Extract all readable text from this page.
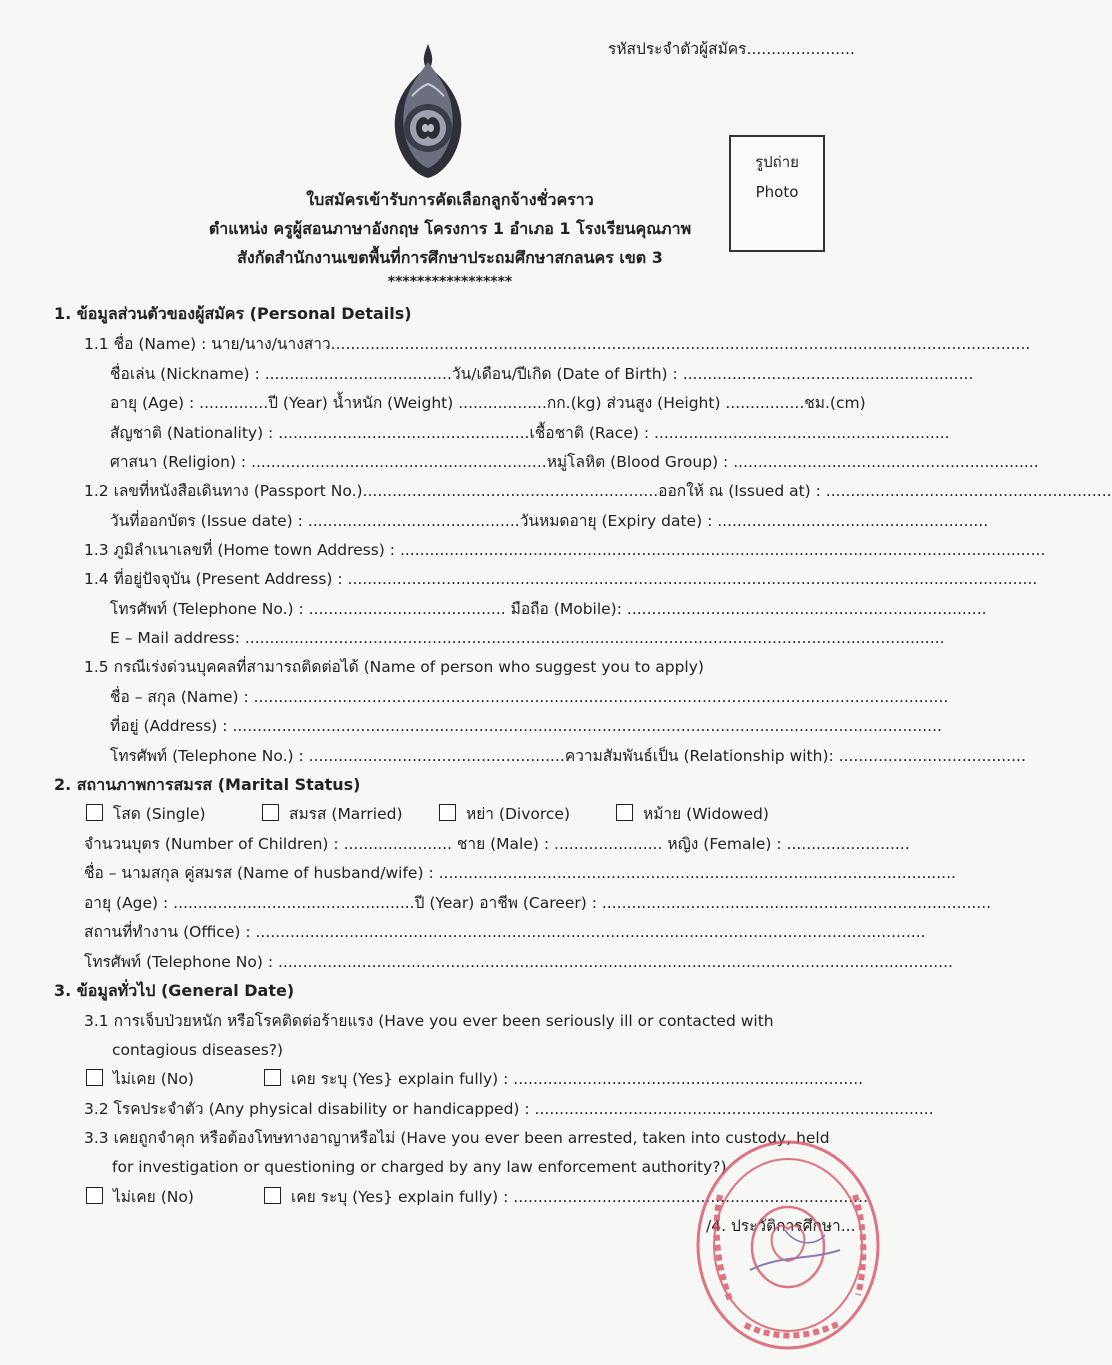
รหัสประจำตัวผู้สมัคร......................
รูปถ่าย
Photo
ใบสมัครเข้ารับการคัดเลือกลูกจ้างชั่วคราว
ตำแหน่ง ครูผู้สอนภาษาอังกฤษ โครงการ 1 อำเภอ 1 โรงเรียนคุณภาพ
สังกัดสำนักงานเขตพื้นที่การศึกษาประถมศึกษาสกลนคร เขต 3
*****************
1. ข้อมูลส่วนตัวของผู้สมัคร (Personal Details)
1.1 ชื่อ (Name) : นาย/นาง/นางสาว..............................................................................................................................................
ชื่อเล่น (Nickname) : ......................................วัน/เดือน/ปีเกิด (Date of Birth) : ...........................................................
อายุ (Age) : ..............ปี (Year) น้ำหนัก (Weight) ..................กก.(kg) ส่วนสูง (Height) ................ชม.(cm)
สัญชาติ (Nationality) : ...................................................เชื้อชาติ (Race) : ............................................................
ศาสนา (Religion) : ............................................................หมู่โลหิต (Blood Group) : ..............................................................
1.2 เลขที่หนังสือเดินทาง (Passport No.)............................................................ออกให้ ณ (Issued at) : ..........................................................
วันที่ออกบัตร (Issue date) : ...........................................วันหมดอายุ (Expiry date) : .......................................................
1.3 ภูมิลำเนาเลขที่ (Home town Address) : ...................................................................................................................................
1.4 ที่อยู่ปัจจุบัน (Present Address) : ............................................................................................................................................
โทรศัพท์ (Telephone No.) : ........................................ มือถือ (Mobile): .........................................................................
E – Mail address: ..............................................................................................................................................
1.5 กรณีเร่งด่วนบุคคลที่สามารถติดต่อได้ (Name of person who suggest you to apply)
ชื่อ – สกุล (Name) : .............................................................................................................................................
ที่อยู่ (Address) : ................................................................................................................................................
โทรศัพท์ (Telephone No.) : ....................................................ความสัมพันธ์เป็น (Relationship with): ......................................
2. สถานภาพการสมรส (Marital Status)
โสด (Single)	สมรส (Married)	หย่า (Divorce)	หม้าย (Widowed)
จำนวนบุตร (Number of Children) : ...................... ชาย (Male) : ...................... หญิง (Female) : .........................
ชื่อ – นามสกุล คู่สมรส (Name of husband/wife) : .........................................................................................................
อายุ (Age) : .................................................ปี (Year) อาชีพ (Career) : ...............................................................................
สถานที่ทำงาน (Office) : ........................................................................................................................................
โทรศัพท์ (Telephone No) : .........................................................................................................................................
3. ข้อมูลทั่วไป (General Date)
3.1 การเจ็บป่วยหนัก หรือโรคติดต่อร้ายแรง (Have you ever been seriously ill or contacted with
contagious diseases?)
ไม่เคย (No)	เคย ระบุ (Yes} explain fully) : .......................................................................
3.2 โรคประจำตัว (Any physical disability or handicapped) : .................................................................................
3.3 เคยถูกจำคุก หรือต้องโทษทางอาญาหรือไม่ (Have you ever been arrested, taken into custody, held
for investigation or questioning or charged by any law enforcement authority?)
ไม่เคย (No)	เคย ระบุ (Yes} explain fully) : ........................................................................
/4. ประวัติการศึกษา...
